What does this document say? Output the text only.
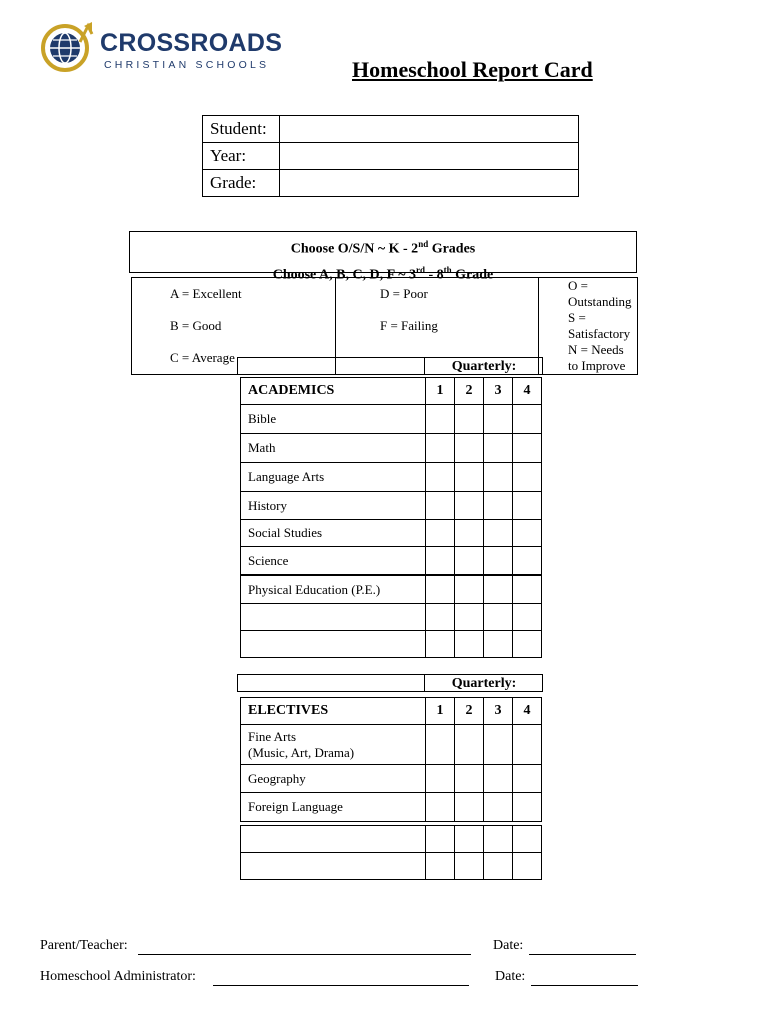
CROSSROADS
CHRISTIAN SCHOOLS	Homeschool Report Card
Student:	
Year:	
Grade:	
Choose O/S/N ~ K - 2nd Grades
Choose A, B, C, D, F ~ 3rd - 8th Grade
A = Excellent	D = Poor	O = Outstanding
B = Good	F = Failing	S = Satisfactory
C = Average		N = Needs to Improve
Quarterly:
ACADEMICS	1	2	3	4
Bible				
Math				
Language Arts				
History				
Social Studies				
Science				
Physical Education (P.E.)				

Quarterly:
ELECTIVES	1	2	3	4

Fine Arts
(Music, Art, Drama)				

Geography				
Foreign Language				

Parent/Teacher:	Date:
Homeschool Administrator:	Date:
